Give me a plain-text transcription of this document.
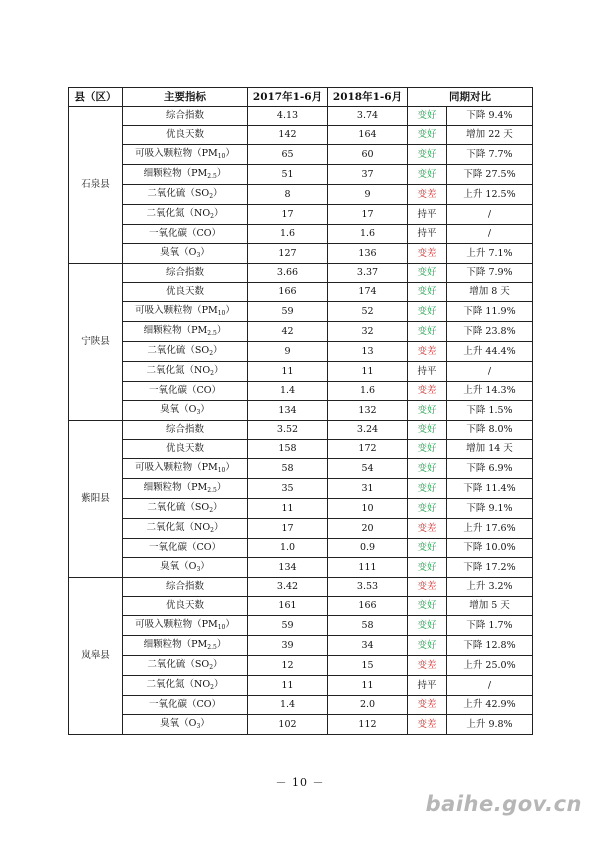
县（区）	主要指标	2017年1-6月	2018年1-6月	同期对比	
石泉县	综合指数	4.13	3.74	变好	下降 9.4%
	优良天数	142	164	变好	增加 22 天
	可吸入颗粒物$(PM_{10})$	65	60	变好	下降 7.7%
	细颗粒物$(PM_{2.5})$	51	37	变好	下降 27.5%
	二氧化硫$(SO_2)$	8	9	变差	上升 12.5%
	二氧化氮$(NO_2)$	17	17	持平	/
	一氧化碳（CO）	1.6	1.6	持平	/
	臭氧$(O_3)$	127	136	变差	上升 7.1%
宁陕县	综合指数	3.66	3.37	变好	下降 7.9%
	优良天数	166	174	变好	增加 8 天
	可吸入颗粒物$(PM_{10})$	59	52	变好	下降 11.9%
	细颗粒物$(PM_{2.5})$	42	32	变好	下降 23.8%
	二氧化硫$(SO_2)$	9	13	变差	上升 44.4%
	二氧化氮$(NO_2)$	11	11	持平	/
	一氧化碳（CO）	1.4	1.6	变差	上升 14.3%
	臭氧$(O_3)$	134	132	变好	下降 1.5%
紫阳县	综合指数	3.52	3.24	变好	下降 8.0%
	优良天数	158	172	变好	增加 14 天
	可吸入颗粒物$(PM_{10})$	58	54	变好	下降 6.9%
	细颗粒物$(PM_{2.5})$	35	31	变好	下降 11.4%
	二氧化硫$(SO_2)$	11	10	变好	下降 9.1%
	二氧化氮$(NO_2)$	17	20	变差	上升 17.6%
	一氧化碳（CO）	1.0	0.9	变好	下降 10.0%
	臭氧$(O_3)$	134	111	变好	下降 17.2%
岚皋县	综合指数	3.42	3.53	变差	上升 3.2%
	优良天数	161	166	变好	增加 5 天
	可吸入颗粒物$(PM_{10})$	59	58	变好	下降 1.7%
	细颗粒物$(PM_{2.5})$	39	34	变好	下降 12.8%
	二氧化硫$(SO_2)$	12	15	变差	上升 25.0%
	二氧化氮$(NO_2)$	11	11	持平	/
	一氧化碳（CO）	1.4	2.0	变差	上升 42.9%
	臭氧$(O_3)$	102	112	变差	上升 9.8%
－ 10 －
baihe.gov.cn
